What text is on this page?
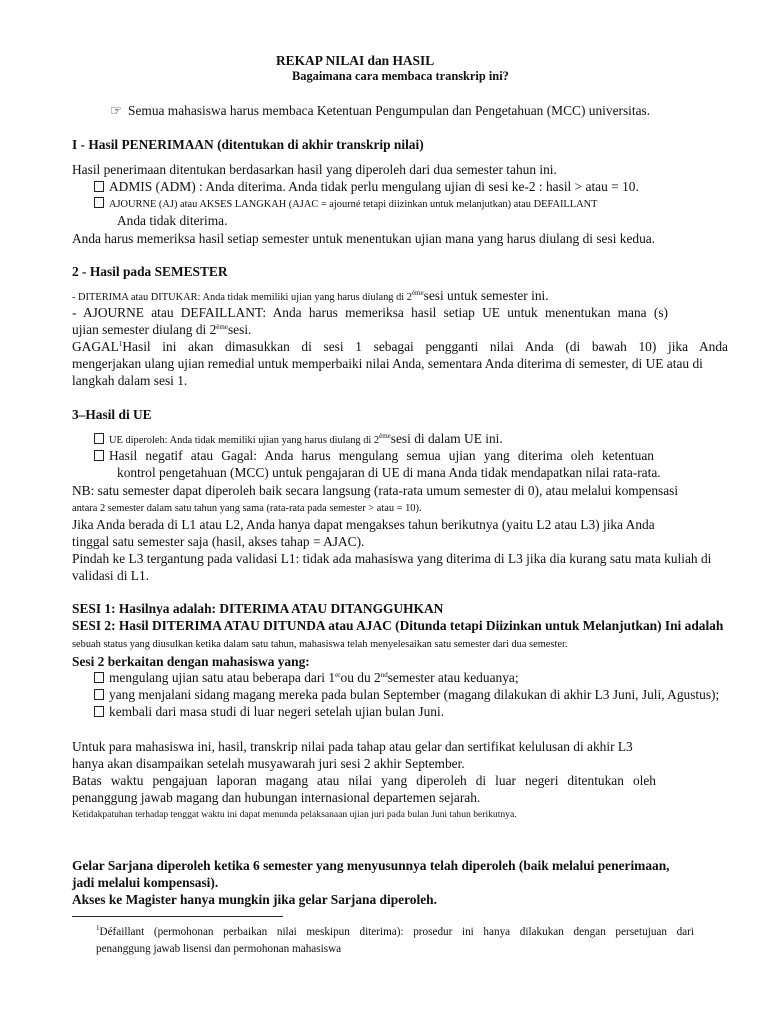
REKAP NILAI dan HASIL
Bagaimana cara membaca transkrip ini?
☞ Semua mahasiswa harus membaca Ketentuan Pengumpulan dan Pengetahuan (MCC) universitas.
I - Hasil PENERIMAAN (ditentukan di akhir transkrip nilai)
Hasil penerimaan ditentukan berdasarkan hasil yang diperoleh dari dua semester tahun ini.
ADMIS (ADM) : Anda diterima. Anda tidak perlu mengulang ujian di sesi ke-2 : hasil > atau = 10.
AJOURNE (AJ) atau AKSES LANGKAH (AJAC = ajourné tetapi diizinkan untuk melanjutkan) atau DEFAILLANT
Anda tidak diterima.
Anda harus memeriksa hasil setiap semester untuk menentukan ujian mana yang harus diulang di sesi kedua.
2 - Hasil pada SEMESTER
- DITERIMA atau DITUKAR: Anda tidak memiliki ujian yang harus diulang di 2èmesesi untuk semester ini.
- AJOURNE atau DEFAILLANT: Anda harus memeriksa hasil setiap UE untuk menentukan mana (s)
ujian semester diulang di 2èmesesi.
GAGAL$^1$Hasil ini akan dimasukkan di sesi 1 sebagai pengganti nilai Anda (di bawah 10) jika Anda
mengerjakan ulang ujian remedial untuk memperbaiki nilai Anda, sementara Anda diterima di semester, di UE atau di
langkah dalam sesi 1.
3–Hasil di UE
UE diperoleh: Anda tidak memiliki ujian yang harus diulang di 2èmesesi di dalam UE ini.
Hasil negatif atau Gagal: Anda harus mengulang semua ujian yang diterima oleh ketentuan
kontrol pengetahuan (MCC) untuk pengajaran di UE di mana Anda tidak mendapatkan nilai rata-rata.
NB: satu semester dapat diperoleh baik secara langsung (rata-rata umum semester di 0), atau melalui kompensasi
antara 2 semester dalam satu tahun yang sama (rata-rata pada semester > atau = 10).
Jika Anda berada di L1 atau L2, Anda hanya dapat mengakses tahun berikutnya (yaitu L2 atau L3) jika Anda
tinggal satu semester saja (hasil, akses tahap = AJAC).
Pindah ke L3 tergantung pada validasi L1: tidak ada mahasiswa yang diterima di L3 jika dia kurang satu mata kuliah di
validasi di L1.
SESI 1: Hasilnya adalah: DITERIMA ATAU DITANGGUHKAN
SESI 2: Hasil DITERIMA ATAU DITUNDA atau AJAC (Ditunda tetapi Diizinkan untuk Melanjutkan) Ini adalah
sebuah status yang diusulkan ketika dalam satu tahun, mahasiswa telah menyelesaikan satu semester dari dua semester.
Sesi 2 berkaitan dengan mahasiswa yang:
mengulang ujian satu atau beberapa dari 1erou du 2ndsemester atau keduanya;
yang menjalani sidang magang mereka pada bulan September (magang dilakukan di akhir L3 Juni, Juli, Agustus);
kembali dari masa studi di luar negeri setelah ujian bulan Juni.
Untuk para mahasiswa ini, hasil, transkrip nilai pada tahap atau gelar dan sertifikat kelulusan di akhir L3
hanya akan disampaikan setelah musyawarah juri sesi 2 akhir September.
Batas waktu pengajuan laporan magang atau nilai yang diperoleh di luar negeri ditentukan oleh
penanggung jawab magang dan hubungan internasional departemen sejarah.
Ketidakpatuhan terhadap tenggat waktu ini dapat menunda pelaksanaan ujian juri pada bulan Juni tahun berikutnya.
Gelar Sarjana diperoleh ketika 6 semester yang menyusunnya telah diperoleh (baik melalui penerimaan,
jadi melalui kompensasi).
Akses ke Magister hanya mungkin jika gelar Sarjana diperoleh.
$^1$Défaillant (permohonan perbaikan nilai meskipun diterima): prosedur ini hanya dilakukan dengan persetujuan dari
penanggung jawab lisensi dan permohonan mahasiswa
